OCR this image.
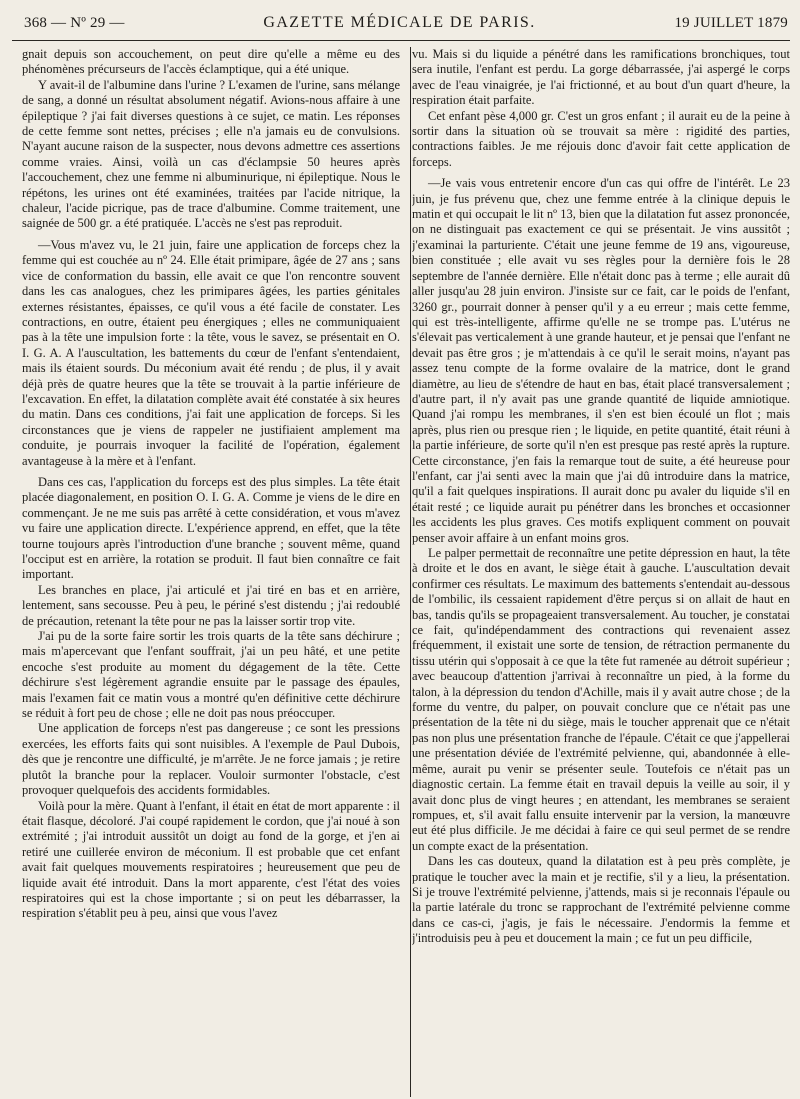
368 — Nº 29 —	GAZETTE MÉDICALE DE PARIS.	19 JUILLET 1879

gnait depuis son accouchement, on peut dire qu'elle a même eu des phénomènes précurseurs de l'accès éclamptique, qui a été unique.

Y avait-il de l'albumine dans l'urine ? L'examen de l'urine, sans mélange de sang, a donné un résultat absolument négatif. Avions-nous affaire à une épileptique ? j'ai fait diverses questions à ce sujet, ce matin. Les réponses de cette femme sont nettes, précises ; elle n'a jamais eu de convulsions. N'ayant aucune raison de la suspecter, nous devons admettre ces assertions comme vraies. Ainsi, voilà un cas d'éclampsie 50 heures après l'accouchement, chez une femme ni albuminurique, ni épileptique. Nous le répétons, les urines ont été examinées, traitées par l'acide nitrique, la chaleur, l'acide picrique, pas de trace d'albumine. Comme traitement, une saignée de 500 gr. a été pratiquée. L'accès ne s'est pas reproduit.

—Vous m'avez vu, le 21 juin, faire une application de forceps chez la femme qui est couchée au nº 24. Elle était primipare, âgée de 27 ans ; sans vice de conformation du bassin, elle avait ce que l'on rencontre souvent dans les cas analogues, chez les primipares âgées, les parties génitales externes résistantes, épaisses, ce qu'il vous a été facile de constater. Les contractions, en outre, étaient peu énergiques ; elles ne communiquaient pas à la tête une impulsion forte : la tête, vous le savez, se présentait en O. I. G. A. A l'auscultation, les battements du cœur de l'enfant s'entendaient, mais ils étaient sourds. Du méconium avait été rendu ; de plus, il y avait déjà près de quatre heures que la tête se trouvait à la partie inférieure de l'excavation. En effet, la dilatation complète avait été constatée à six heures du matin. Dans ces conditions, j'ai fait une application de forceps. Si les circonstances que je viens de rappeler ne justifiaient amplement ma conduite, je pourrais invoquer la facilité de l'opération, également avantageuse à la mère et à l'enfant.

Dans ces cas, l'application du forceps est des plus simples. La tête était placée diagonalement, en position O. I. G. A. Comme je viens de le dire en commençant. Je ne me suis pas arrêté à cette considération, et vous m'avez vu faire une application directe. L'expérience apprend, en effet, que la tête tourne toujours après l'introduction d'une branche ; souvent même, quand l'occiput est en arrière, la rotation se produit. Il faut bien connaître ce fait important.

Les branches en place, j'ai articulé et j'ai tiré en bas et en arrière, lentement, sans secousse. Peu à peu, le périné s'est distendu ; j'ai redoublé de précaution, retenant la tête pour ne pas la laisser sortir trop vite.

J'ai pu de la sorte faire sortir les trois quarts de la tête sans déchirure ; mais m'apercevant que l'enfant souffrait, j'ai un peu hâté, et une petite encoche s'est produite au moment du dégagement de la tête. Cette déchirure s'est légèrement agrandie ensuite par le passage des épaules, mais l'examen fait ce matin vous a montré qu'en définitive cette déchirure se réduit à fort peu de chose ; elle ne doit pas nous préoccuper.

Une application de forceps n'est pas dangereuse ; ce sont les pressions exercées, les efforts faits qui sont nuisibles. A l'exemple de Paul Dubois, dès que je rencontre une difficulté, je m'arrête. Je ne force jamais ; je retire plutôt la branche pour la replacer. Vouloir surmonter l'obstacle, c'est provoquer quelquefois des accidents formidables.

Voilà pour la mère. Quant à l'enfant, il était en état de mort apparente : il était flasque, décoloré. J'ai coupé rapidement le cordon, que j'ai noué à son extrémité ; j'ai introduit aussitôt un doigt au fond de la gorge, et j'en ai retiré une cuillerée environ de méconium. Il est probable que cet enfant avait fait quelques mouvements respiratoires ; heureusement que peu de liquide avait été introduit. Dans la mort apparente, c'est l'état des voies respiratoires qui est la chose importante ; si on peut les débarrasser, la respiration s'établit peu à peu, ainsi que vous l'avez

vu. Mais si du liquide a pénétré dans les ramifications bronchiques, tout sera inutile, l'enfant est perdu. La gorge débarrassée, j'ai aspergé le corps avec de l'eau vinaigrée, je l'ai frictionné, et au bout d'un quart d'heure, la respiration était parfaite.

Cet enfant pèse 4,000 gr. C'est un gros enfant ; il aurait eu de la peine à sortir dans la situation où se trouvait sa mère : rigidité des parties, contractions faibles. Je me réjouis donc d'avoir fait cette application de forceps.

—Je vais vous entretenir encore d'un cas qui offre de l'intérêt. Le 23 juin, je fus prévenu que, chez une femme entrée à la clinique depuis le matin et qui occupait le lit nº 13, bien que la dilatation fut assez prononcée, on ne distinguait pas exactement ce qui se présentait. Je vins aussitôt ; j'examinai la parturiente. C'était une jeune femme de 19 ans, vigoureuse, bien constituée ; elle avait vu ses règles pour la dernière fois le 28 septembre de l'année dernière. Elle n'était donc pas à terme ; elle aurait dû aller jusqu'au 28 juin environ. J'insiste sur ce fait, car le poids de l'enfant, 3260 gr., pourrait donner à penser qu'il y a eu erreur ; mais cette femme, qui est très-intelligente, affirme qu'elle ne se trompe pas. L'utérus ne s'élevait pas verticalement à une grande hauteur, et je pensai que l'enfant ne devait pas être gros ; je m'attendais à ce qu'il le serait moins, n'ayant pas assez tenu compte de la forme ovalaire de la matrice, dont le grand diamètre, au lieu de s'étendre de haut en bas, était placé transversalement ; d'autre part, il n'y avait pas une grande quantité de liquide amniotique. Quand j'ai rompu les membranes, il s'en est bien écoulé un flot ; mais après, plus rien ou presque rien ; le liquide, en petite quantité, était réuni à la partie inférieure, de sorte qu'il n'en est presque pas resté après la rupture. Cette circonstance, j'en fais la remarque tout de suite, a été heureuse pour l'enfant, car j'ai senti avec la main que j'ai dû introduire dans la matrice, qu'il a fait quelques inspirations. Il aurait donc pu avaler du liquide s'il en était resté ; ce liquide aurait pu pénétrer dans les bronches et occasionner les accidents les plus graves. Ces motifs expliquent comment on pouvait penser avoir affaire à un enfant moins gros.

Le palper permettait de reconnaître une petite dépression en haut, la tête à droite et le dos en avant, le siège était à gauche. L'auscultation devait confirmer ces résultats. Le maximum des battements s'entendait au-dessous de l'ombilic, ils cessaient rapidement d'être perçus si on allait de haut en bas, tandis qu'ils se propageaient transversalement. Au toucher, je constatai ce fait, qu'indépendamment des contractions qui revenaient assez fréquemment, il existait une sorte de tension, de rétraction permanente du tissu utérin qui s'opposait à ce que la tête fut ramenée au détroit supérieur ; avec beaucoup d'attention j'arrivai à reconnaître un pied, à la forme du talon, à la dépression du tendon d'Achille, mais il y avait autre chose ; de la forme du ventre, du palper, on pouvait conclure que ce n'était pas une présentation de la tête ni du siège, mais le toucher apprenait que ce n'était pas non plus une présentation franche de l'épaule. C'était ce que j'appellerai une présentation déviée de l'extrémité pelvienne, qui, abandonnée à elle-même, aurait pu venir se présenter seule. Toutefois ce n'était pas un diagnostic certain. La femme était en travail depuis la veille au soir, il y avait donc plus de vingt heures ; en attendant, les membranes se seraient rompues, et, s'il avait fallu ensuite intervenir par la version, la manœuvre eut été plus difficile. Je me décidai à faire ce qui seul permet de se rendre un compte exact de la présentation.

Dans les cas douteux, quand la dilatation est à peu près complète, je pratique le toucher avec la main et je rectifie, s'il y a lieu, la présentation. Si je trouve l'extrémité pelvienne, j'attends, mais si je reconnais l'épaule ou la partie latérale du tronc se rapprochant de l'extrémité pelvienne comme dans ce cas-ci, j'agis, je fais le nécessaire. J'endormis la femme et j'introduisis peu à peu et doucement la main ; ce fut un peu difficile,
